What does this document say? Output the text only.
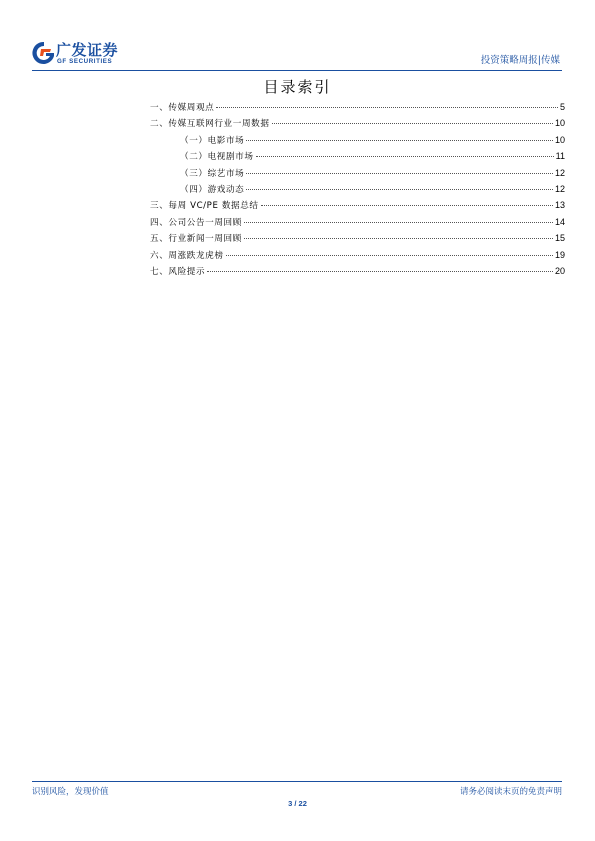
广发证券
GF SECURITIES	投资策略周报|传媒
目录索引
一、传媒周观点	5
二、传媒互联网行业一周数据	10
（一）电影市场	10
（二）电视剧市场	11
（三）综艺市场	12
（四）游戏动态	12
三、每周 VC/PE 数据总结	13
四、公司公告一周回顾	14
五、行业新闻一周回顾	15
六、周涨跌龙虎榜	19
七、风险提示	20
识别风险，发现价值	请务必阅读末页的免责声明
3 / 22
